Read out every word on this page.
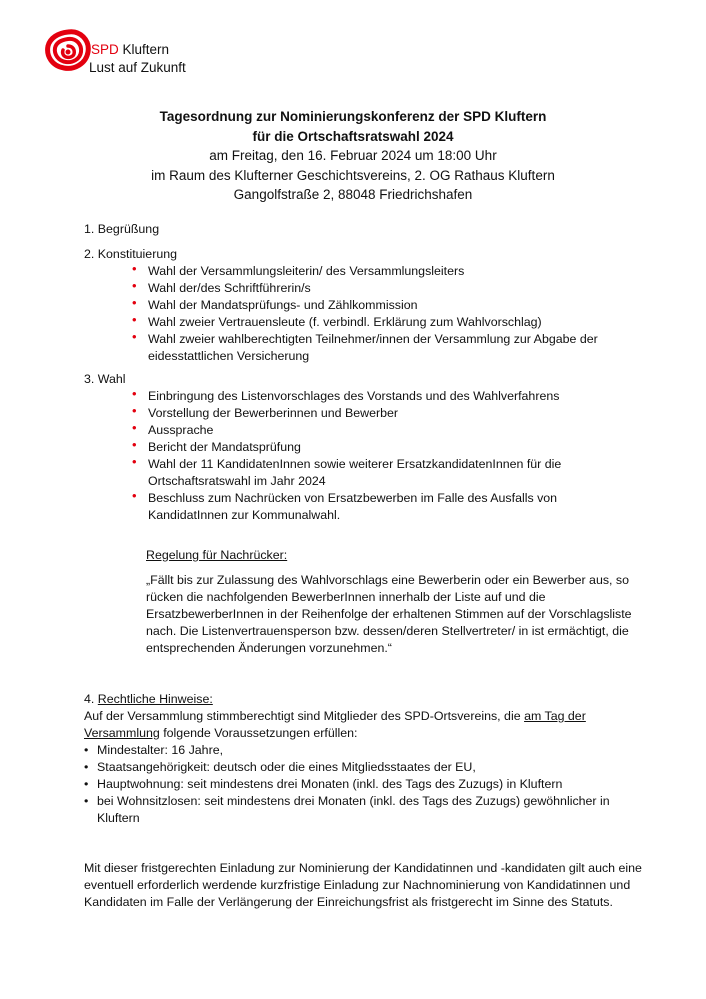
SPD Kluftern
Lust auf Zukunft
Tagesordnung zur Nominierungskonferenz der SPD Kluftern
für die Ortschaftsratswahl 2024
am Freitag, den 16. Februar 2024 um 18:00 Uhr
im Raum des Klufterner Geschichtsvereins, 2. OG Rathaus Kluftern
Gangolfstraße 2, 88048 Friedrichshafen
1. Begrüßung
2. Konstituierung
• Wahl der Versammlungsleiterin/ des Versammlungsleiters
• Wahl der/des Schriftführerin/s
• Wahl der Mandatsprüfungs- und Zählkommission
• Wahl zweier Vertrauensleute (f. verbindl. Erklärung zum Wahlvorschlag)
• Wahl zweier wahlberechtigten Teilnehmer/innen der Versammlung zur Abgabe der eidesstattlichen Versicherung
3. Wahl
• Einbringung des Listenvorschlages des Vorstands und des Wahlverfahrens
• Vorstellung der Bewerberinnen und Bewerber
• Aussprache
• Bericht der Mandatsprüfung
• Wahl der 11 KandidatenInnen sowie weiterer ErsatzkandidatenInnen für die Ortschaftsratswahl im Jahr 2024
• Beschluss zum Nachrücken von Ersatzbewerben im Falle des Ausfalls von KandidatInnen zur Kommunalwahl.
Regelung für Nachrücker:

„Fällt bis zur Zulassung des Wahlvorschlags eine Bewerberin oder ein Bewerber aus, so rücken die nachfolgenden BewerberInnen innerhalb der Liste auf und die ErsatzbewerberInnen in der Reihenfolge der erhaltenen Stimmen auf der Vorschlagsliste nach. Die Listenvertrauensperson bzw. dessen/deren Stellvertreter/ in ist ermächtigt, die entsprechenden Änderungen vorzunehmen.“

4. Rechtliche Hinweise:
Auf der Versammlung stimmberechtigt sind Mitglieder des SPD-Ortsvereins, die am Tag der Versammlung folgende Voraussetzungen erfüllen:
• Mindestalter: 16 Jahre,
• Staatsangehörigkeit: deutsch oder die eines Mitgliedsstaates der EU,
• Hauptwohnung: seit mindestens drei Monaten (inkl. des Tags des Zuzugs) in Kluftern
• bei Wohnsitzlosen: seit mindestens drei Monaten (inkl. des Tags des Zuzugs) gewöhnlicher in Kluftern

Mit dieser fristgerechten Einladung zur Nominierung der Kandidatinnen und -kandidaten gilt auch eine eventuell erforderlich werdende kurzfristige Einladung zur Nachnominierung von Kandidatinnen und Kandidaten im Falle der Verlängerung der Einreichungsfrist als fristgerecht im Sinne des Statuts.
